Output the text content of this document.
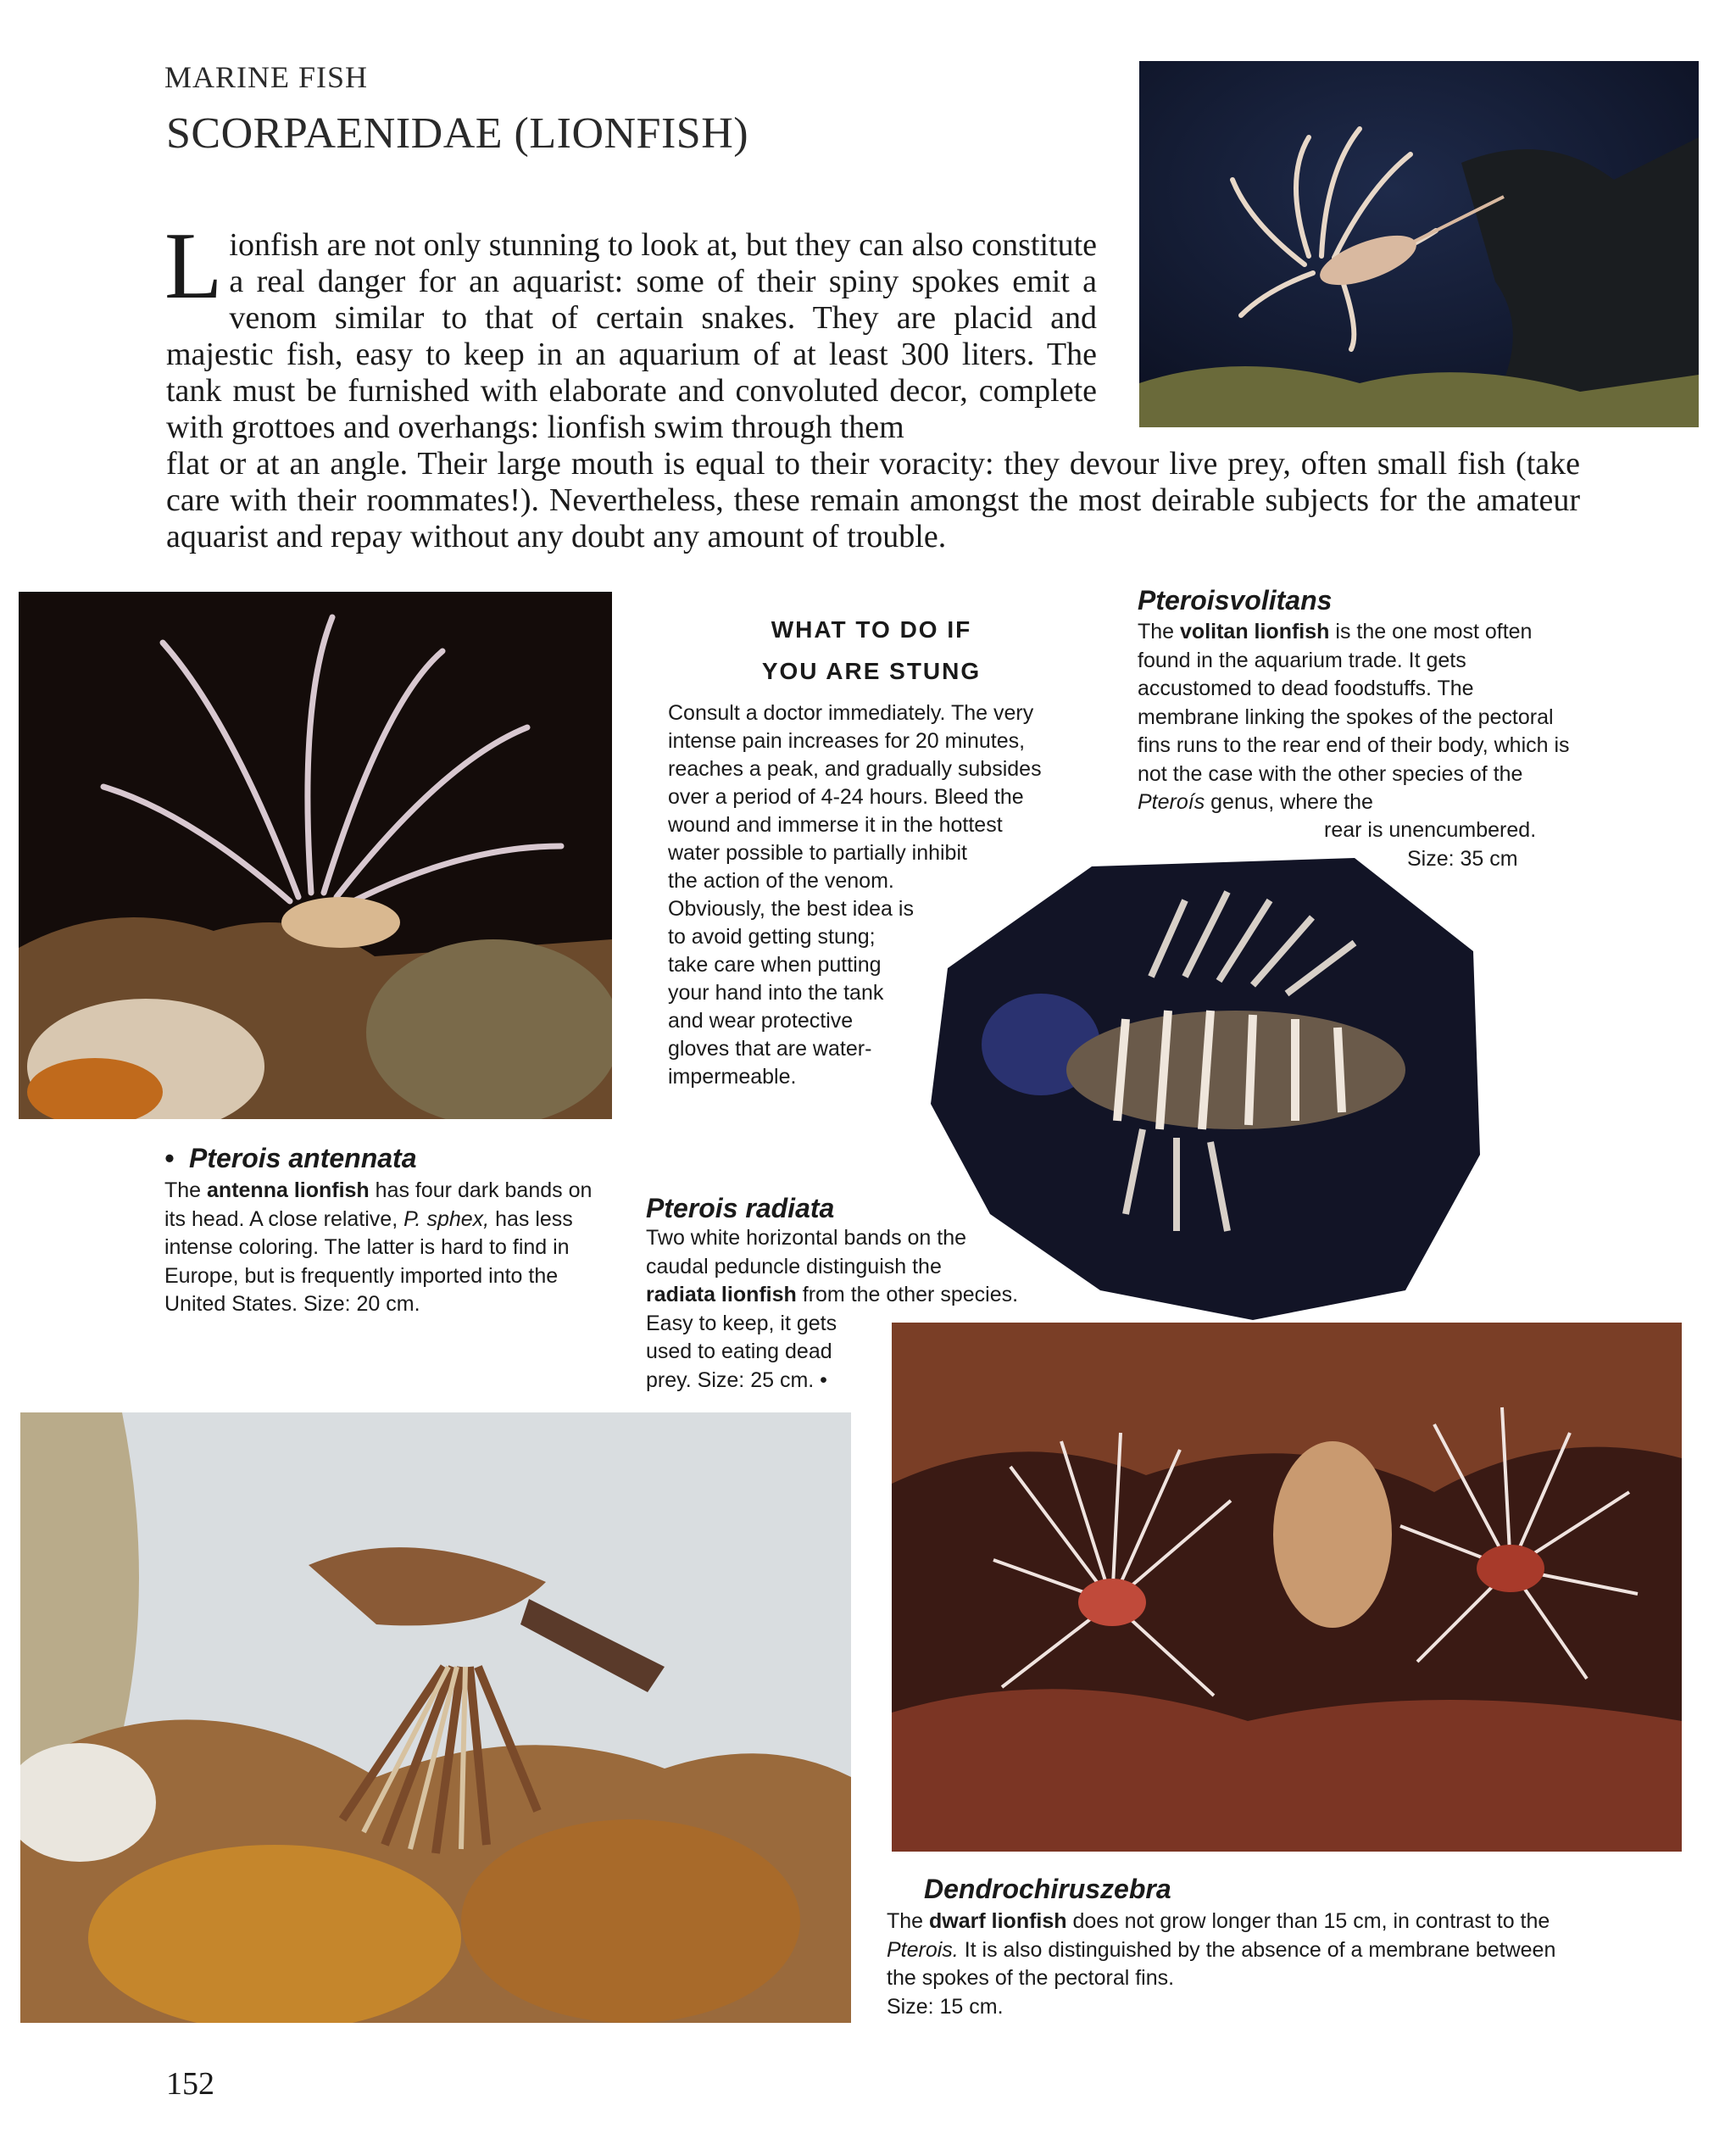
MARINE FISH
SCORPAENIDAE (LIONFISH)
Lionfish are not only stunning to look at, but they can also constitute a real danger for an aquarist: some of their spiny spokes emit a venom similar to that of certain snakes. They are placid and majestic fish, easy to keep in an aquarium of at least 300 liters. The tank must be furnished with elaborate and convoluted decor, complete with grottoes and overhangs: lionfish swim through them
flat or at an angle. Their large mouth is equal to their voracity: they devour live prey, often small fish (take care with their roommates!). Nevertheless, these remain amongst the most deirable subjects for the amateur aquarist and repay without any doubt any amount of trouble.
WHAT TO DO IF
YOU ARE STUNG
Consult a doctor immediately. The very
intense pain increases for 20 minutes,
reaches a peak, and gradually subsides
over a period of 4-24 hours. Bleed the
wound and immerse it in the hottest
water possible to partially inhibit
the action of the venom.
Obviously, the best idea is
to avoid getting stung;
take care when putting
your hand into the tank
and wear protective
gloves that are water-
impermeable.
Pteroisvolitans
The volitan lionfish is the one most often found in the aquarium trade. It gets accustomed to dead foodstuffs. The membrane linking the spokes of the pectoral fins runs to the rear end of their body, which is not the case with the other species of the Pteroís genus, where the
rear is unencumbered.
Size: 35 cm
• Pterois antennata
The antenna lionfish has four dark bands on its head. A close relative, P. sphex, has less intense coloring. The latter is hard to find in Europe, but is frequently imported into the United States. Size: 20 cm.
Pterois radiata
Two white horizontal bands on the
caudal peduncle distinguish the
radiata lionfish from the other species.
Easy to keep, it gets
used to eating dead
prey. Size: 25 cm. •
Dendrochiruszebra
The dwarf lionfish does not grow longer than 15 cm, in contrast to the Pterois. It is also distinguished by the absence of a membrane between the spokes of the pectoral fins.
Size: 15 cm.
152
